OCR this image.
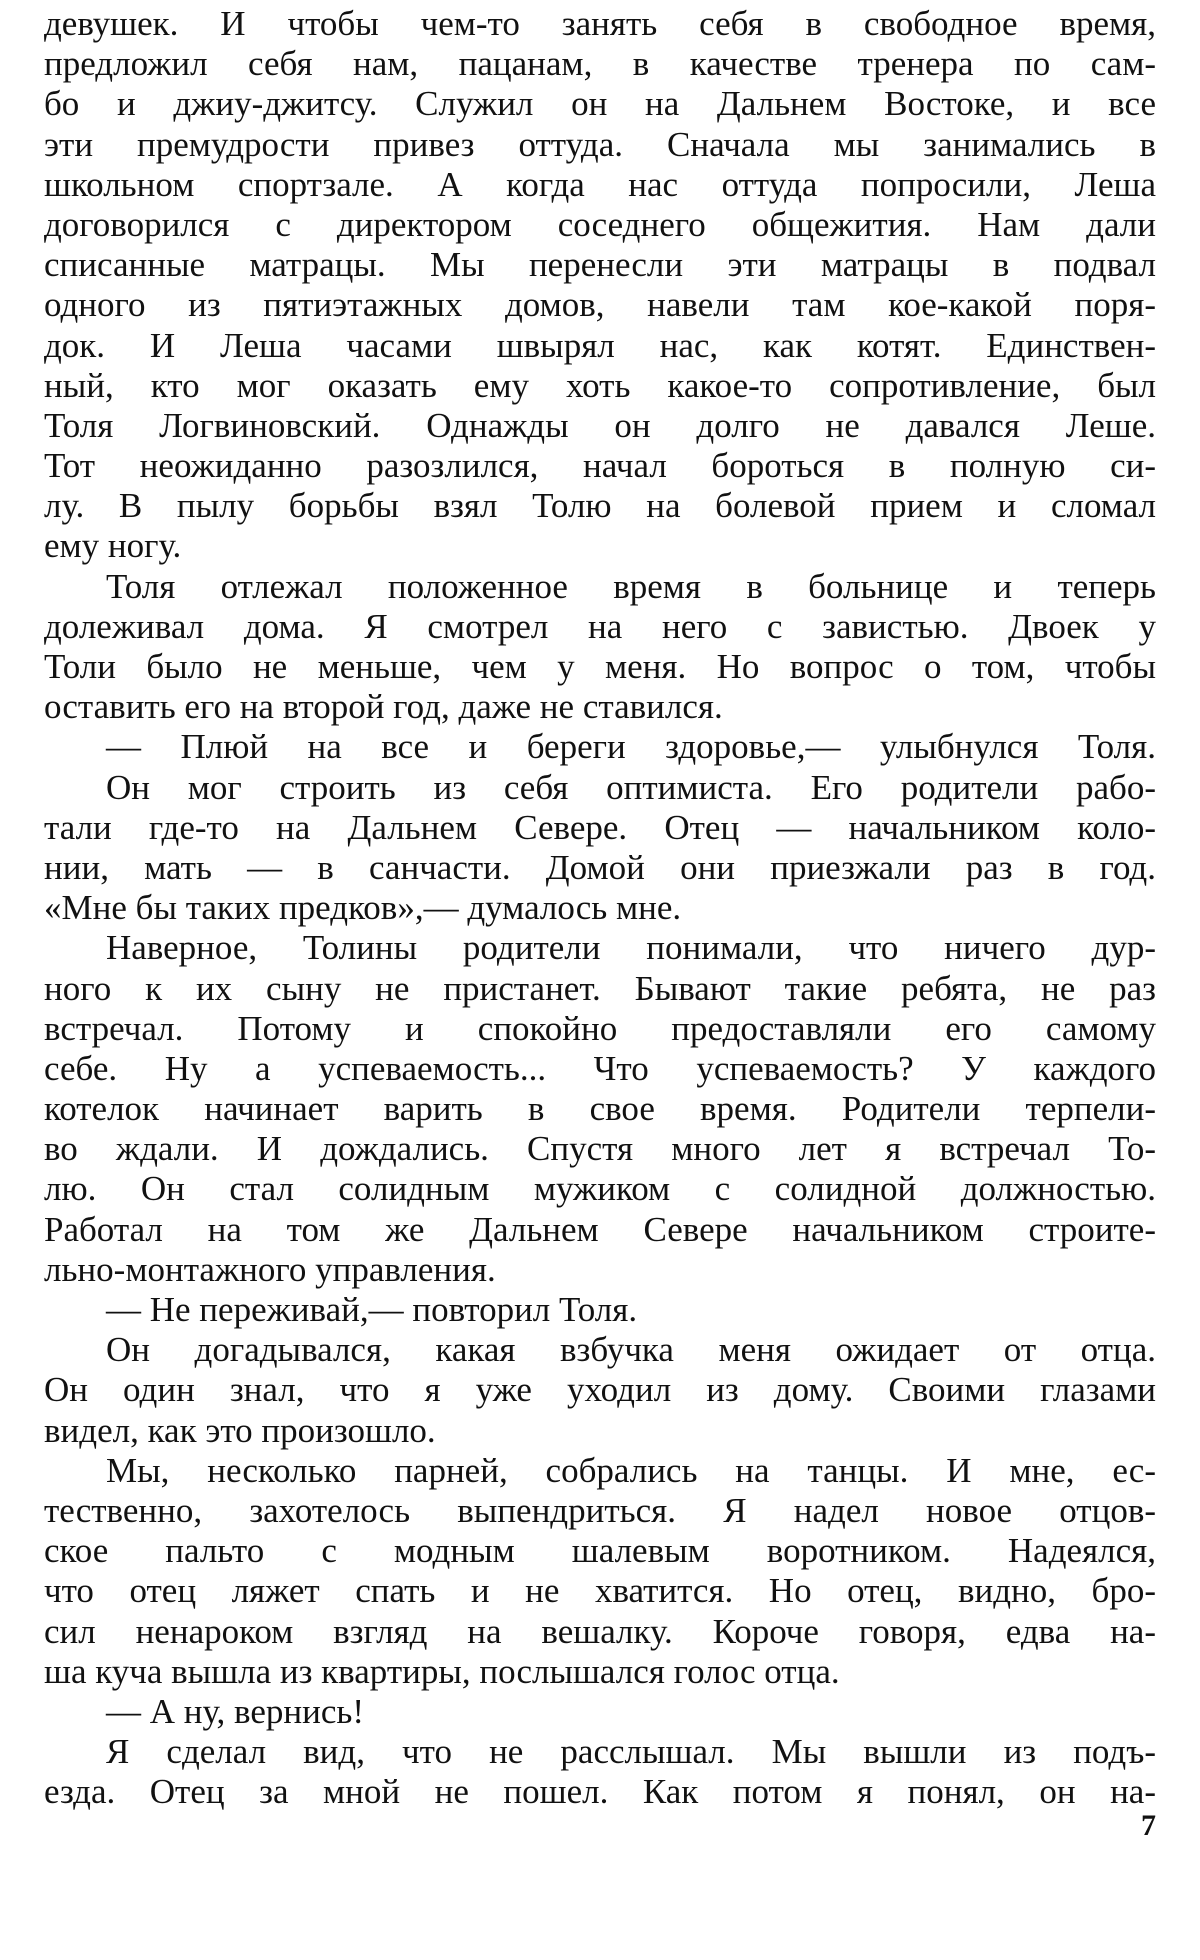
девушек. И чтобы чем-то занять себя в свободное время,
предложил себя нам, пацанам, в качестве тренера по сам-
бо и джиу-джитсу. Служил он на Дальнем Востоке, и все
эти премудрости привез оттуда. Сначала мы занимались в
школьном спортзале. А когда нас оттуда попросили, Леша
договорился с директором соседнего общежития. Нам дали
списанные матрацы. Мы перенесли эти матрацы в подвал
одного из пятиэтажных домов, навели там кое-какой поря-
док. И Леша часами швырял нас, как котят. Единствен-
ный, кто мог оказать ему хоть какое-то сопротивление, был
Толя Логвиновский. Однажды он долго не давался Леше.
Тот неожиданно разозлился, начал бороться в полную си-
лу. В пылу борьбы взял Толю на болевой прием и сломал
ему ногу.
Толя отлежал положенное время в больнице и теперь
долеживал дома. Я смотрел на него с завистью. Двоек у
Толи было не меньше, чем у меня. Но вопрос о том, чтобы
оставить его на второй год, даже не ставился.
— Плюй на все и береги здоровье,— улыбнулся Толя.
Он мог строить из себя оптимиста. Его родители рабо-
тали где-то на Дальнем Севере. Отец — начальником коло-
нии, мать — в санчасти. Домой они приезжали раз в год.
«Мне бы таких предков»,— думалось мне.
Наверное, Толины родители понимали, что ничего дур-
ного к их сыну не пристанет. Бывают такие ребята, не раз
встречал. Потому и спокойно предоставляли его самому
себе. Ну а успеваемость... Что успеваемость? У каждого
котелок начинает варить в свое время. Родители терпели-
во ждали. И дождались. Спустя много лет я встречал То-
лю. Он стал солидным мужиком с солидной должностью.
Работал на том же Дальнем Севере начальником строите-
льно-монтажного управления.
— Не переживай,— повторил Толя.
Он догадывался, какая взбучка меня ожидает от отца.
Он один знал, что я уже уходил из дому. Своими глазами
видел, как это произошло.
Мы, несколько парней, собрались на танцы. И мне, ес-
тественно, захотелось выпендриться. Я надел новое отцов-
ское пальто с модным шалевым воротником. Надеялся,
что отец ляжет спать и не хватится. Но отец, видно, бро-
сил ненароком взгляд на вешалку. Короче говоря, едва на-
ша куча вышла из квартиры, послышался голос отца.
— А ну, вернись!
Я сделал вид, что не расслышал. Мы вышли из подъ-
езда. Отец за мной не пошел. Как потом я понял, он на-
7
